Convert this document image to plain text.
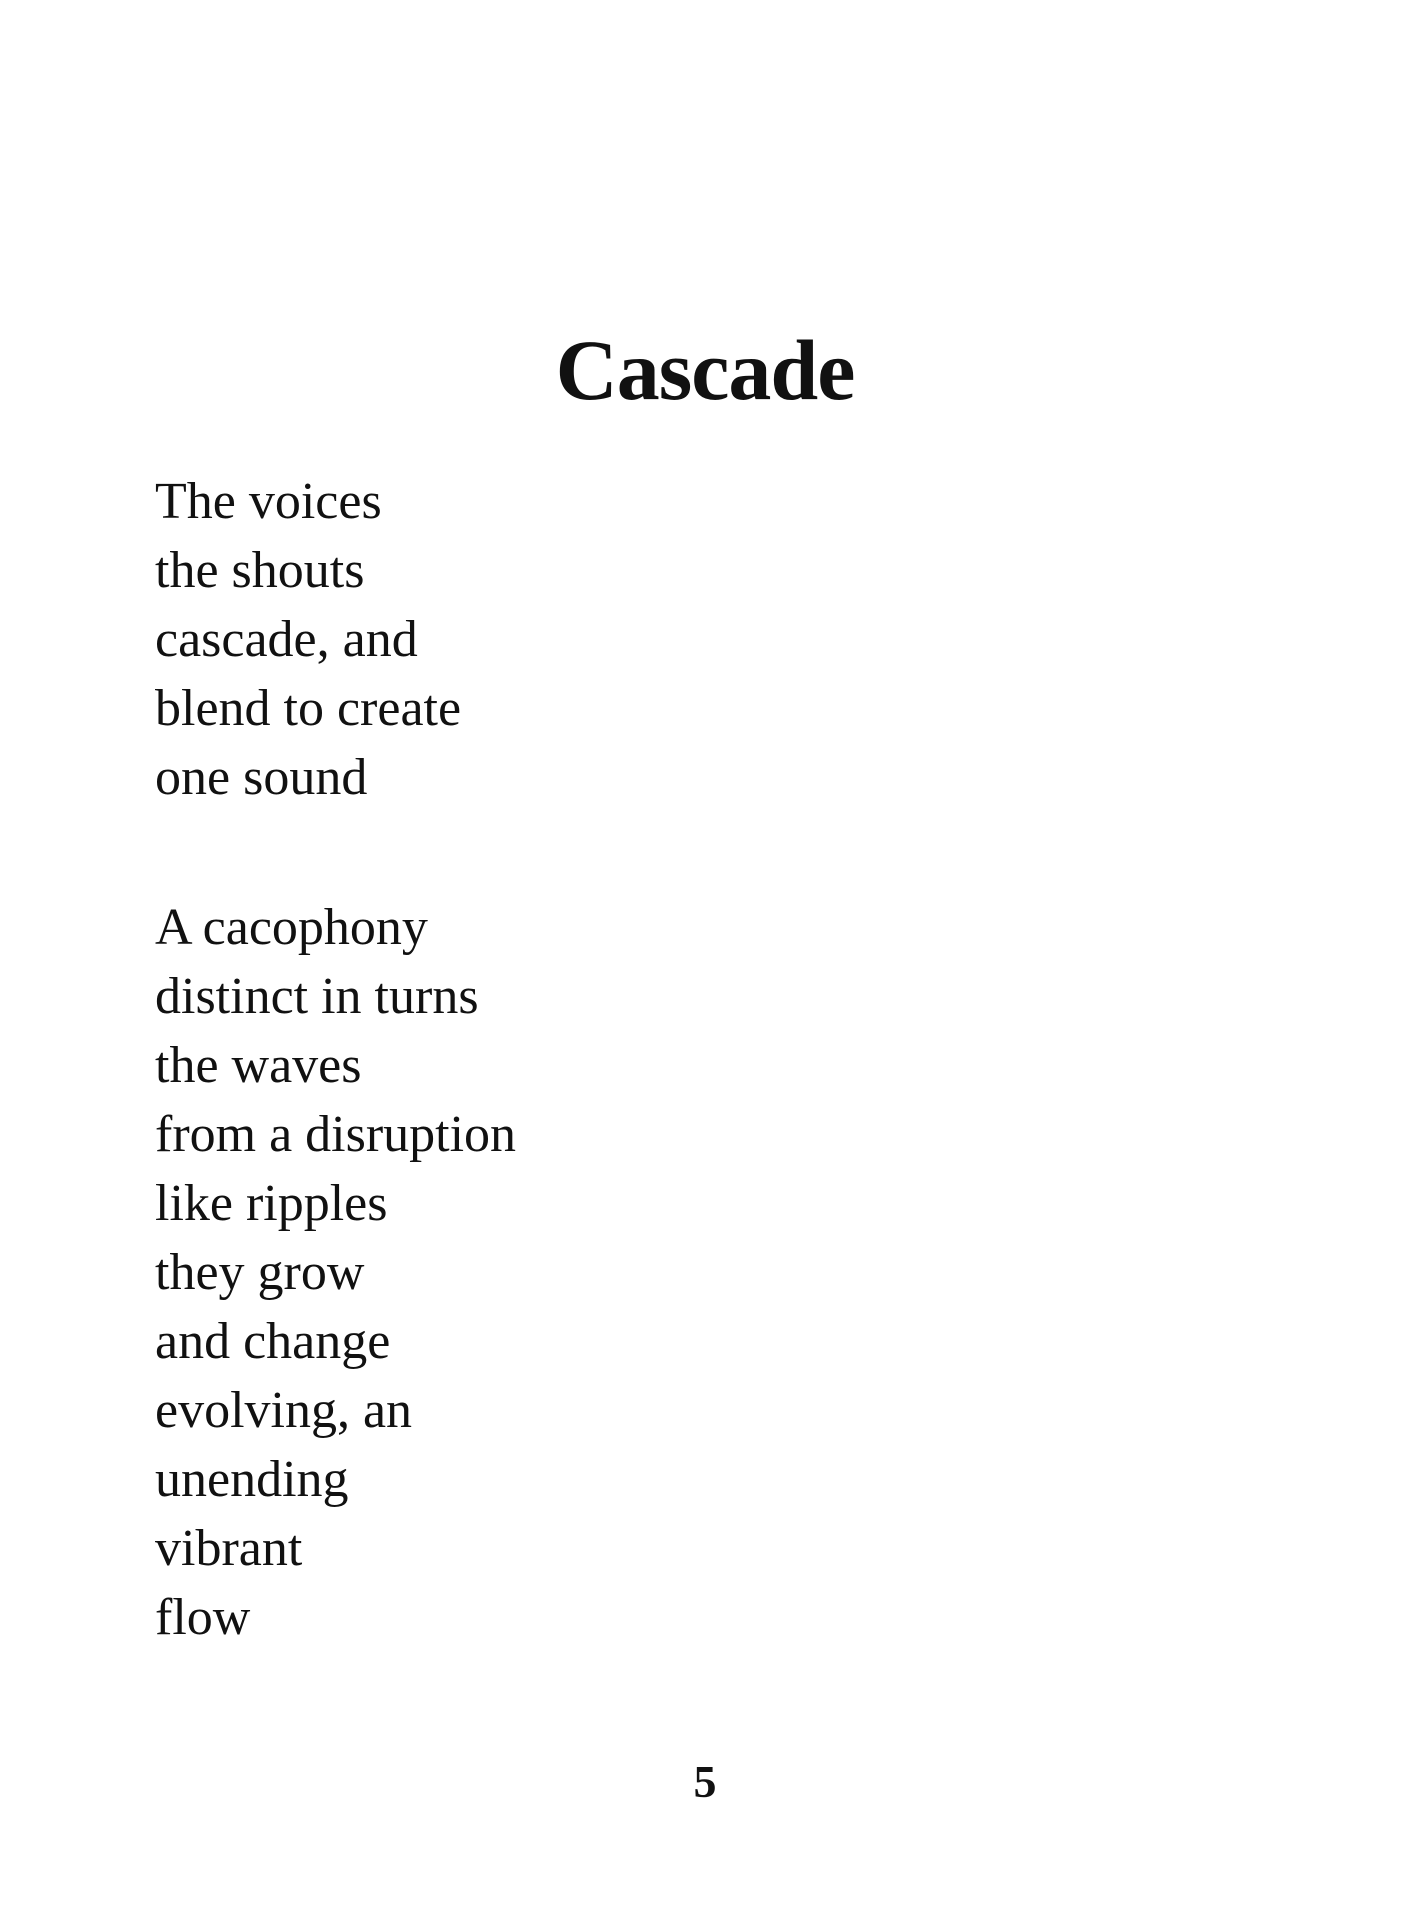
Cascade
The voices
the shouts
cascade, and
blend to create
one sound
A cacophony
distinct in turns
the waves
from a disruption
like ripples
they grow
and change
evolving, an
unending
vibrant
flow
5
